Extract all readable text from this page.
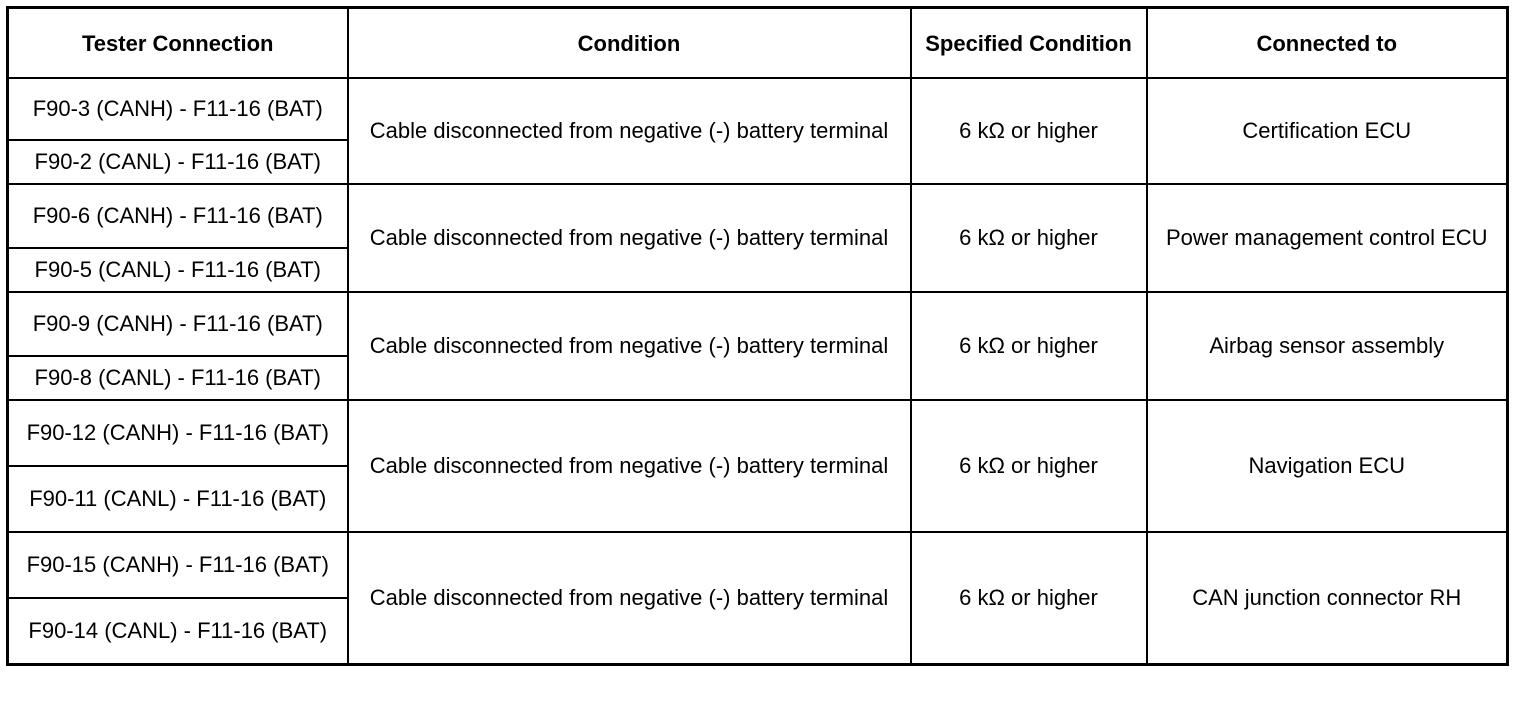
Tester Connection	Condition	Specified Condition	Connected to
F90-3 (CANH) - F11-16 (BAT)	Cable disconnected from negative (-) battery terminal	6 kΩ or higher	Certification ECU
F90-2 (CANL) - F11-16 (BAT)			
F90-6 (CANH) - F11-16 (BAT)	Cable disconnected from negative (-) battery terminal	6 kΩ or higher	Power management control ECU
F90-5 (CANL) - F11-16 (BAT)			
F90-9 (CANH) - F11-16 (BAT)	Cable disconnected from negative (-) battery terminal	6 kΩ or higher	Airbag sensor assembly
F90-8 (CANL) - F11-16 (BAT)			
F90-12 (CANH) - F11-16 (BAT)	Cable disconnected from negative (-) battery terminal	6 kΩ or higher	Navigation ECU
F90-11 (CANL) - F11-16 (BAT)			
F90-15 (CANH) - F11-16 (BAT)	Cable disconnected from negative (-) battery terminal	6 kΩ or higher	CAN junction connector RH
F90-14 (CANL) - F11-16 (BAT)			
